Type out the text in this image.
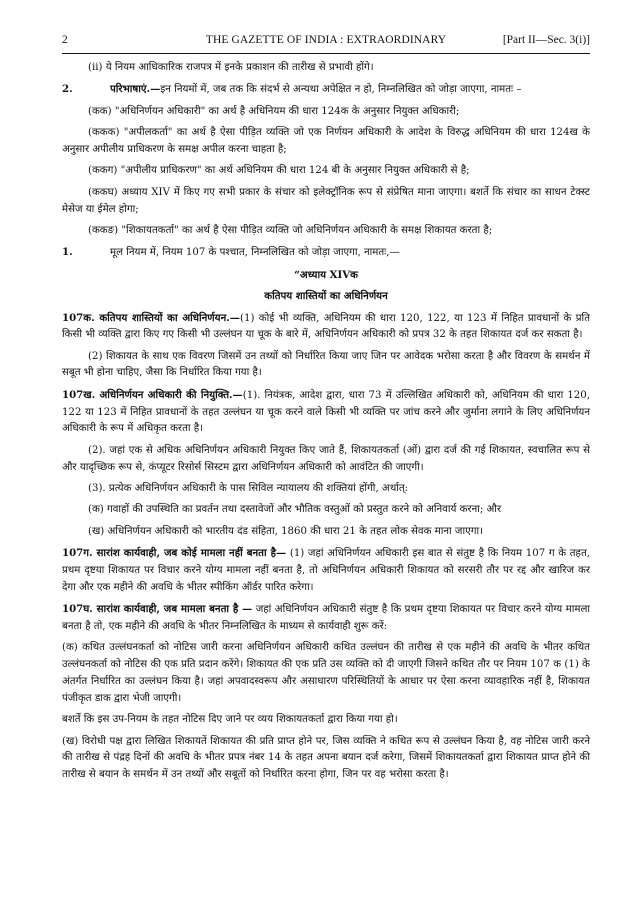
2	THE GAZETTE OF INDIA : EXTRAORDINARY	[Part II—Sec. 3(i)]

(ii) ये नियम आधिकारिक राजपत्र में इनके प्रकाशन की तारीख से प्रभावी होंगे।

2.	परिभाषाएं.—इन नियमों में, जब तक कि संदर्भ से अन्यथा अपेक्षित न हो, निम्नलिखित को जोड़ा जाएगा, नामतः –

(कक) "अधिनिर्णयन अधिकारी" का अर्थ है अधिनियम की धारा 124क के अनुसार नियुक्त अधिकारी;

(ककक) "अपीलकर्ता" का अर्थ है ऐसा पीड़ित व्यक्ति जो एक निर्णयन अधिकारी के आदेश के विरुद्ध अधिनियम की धारा 124ख के अनुसार अपीलीय प्राधिकरण के समक्ष अपील करना चाहता है;

(ककग) "अपीलीय प्राधिकरण" का अर्थ अधिनियम की धारा 124 बी के अनुसार नियुक्त अधिकारी से है;

(ककघ) अध्याय XIV में किए गए सभी प्रकार के संचार को इलेक्ट्रॉनिक रूप से संप्रेषित माना जाएगा। बशर्ते कि संचार का साधन टेक्स्ट मेसेज या ईमेल होगा;

(ककङ) "शिकायतकर्ता" का अर्थ है ऐसा पीड़ित व्यक्ति जो अधिनिर्णयन अधिकारी के समक्ष शिकायत करता है;

1.	मूल नियम में, नियम 107 के पश्चात, निम्नलिखित को जोड़ा जाएगा, नामतः,—

“अध्याय XIVक

कतिपय शास्तियों का अधिनिर्णयन

107क. कतिपय शास्तियों का अधिनिर्णयन.—(1) कोई भी व्यक्ति, अधिनियम की धारा 120, 122, या 123 में निहित प्रावधानों के प्रति किसी भी व्यक्ति द्वारा किए गए किसी भी उल्लंघन या चूक के बारे में, अधिनिर्णयन अधिकारी को प्रपत्र 32 के तहत शिकायत दर्ज कर सकता है।

(2) शिकायत के साथ एक विवरण जिसमें उन तथ्यों को निर्धारित किया जाए जिन पर आवेदक भरोसा करता है और विवरण के समर्थन में सबूत भी होना चाहिए, जैसा कि निर्धारित किया गया है।

107ख. अधिनिर्णयन अधिकारी की नियुक्ति.—(1). नियंत्रक, आदेश द्वारा, धारा 73 में उल्लिखित अधिकारी को, अधिनियम की धारा 120, 122 या 123 में निहित प्रावधानों के तहत उल्लंघन या चूक करने वाले किसी भी व्यक्ति पर जांच करने और जुर्माना लगाने के लिए अधिनिर्णयन अधिकारी के रूप में अधिकृत करता है।

(2). जहां एक से अधिक अधिनिर्णयन अधिकारी नियुक्त किए जाते हैं, शिकायतकर्ता (ओं) द्वारा दर्ज की गई शिकायत, स्वचालित रूप से और यादृच्छिक रूप से, कंप्यूटर रिसोर्स सिस्टम द्वारा अधिनिर्णयन अधिकारी को आवंटित की जाएगी।

(3). प्रत्येक अधिनिर्णयन अधिकारी के पास सिविल न्यायालय की शक्तियां होंगी, अर्थात्:

(क) गवाहों की उपस्थिति का प्रवर्तन तथा दस्तावेजों और भौतिक वस्तुओं को प्रस्तुत करने को अनिवार्य करना; और

(ख) अधिनिर्णयन अधिकारी को भारतीय दंड संहिता, 1860 की धारा 21 के तहत लोक सेवक माना जाएगा।

107ग. सारांश कार्यवाही, जब कोई मामला नहीं बनता है— (1) जहां अधिनिर्णयन अधिकारी इस बात से संतुष्ट है कि नियम 107 ग के तहत, प्रथम दृष्टया शिकायत पर विचार करने योग्य मामला नहीं बनता है, तो अधिनिर्णयन अधिकारी शिकायत को सरसरी तौर पर रद्द और खारिज कर देगा और एक महीने की अवधि के भीतर स्पीकिंग ऑर्डर पारित करेगा।

107घ. सारांश कार्यवाही, जब मामला बनता है — जहां अधिनिर्णयन अधिकारी संतुष्ट है कि प्रथम दृष्टया शिकायत पर विचार करने योग्य मामला बनता है तो, एक महीने की अवधि के भीतर निम्नलिखित के माध्यम से कार्यवाही शुरू करें:

(क) कथित उल्लंघनकर्ता को नोटिस जारी करना अधिनिर्णयन अधिकारी कथित उल्लंघन की तारीख से एक महीने की अवधि के भीतर कथित उल्लंघनकर्ता को नोटिस की एक प्रति प्रदान करेंगे। शिकायत की एक प्रति उस व्यक्ति को दी जाएगी जिसने कथित तौर पर नियम 107 क (1) के अंतर्गत निर्धारित का उल्लंघन किया है। जहां अपवादस्वरूप और असाधारण परिस्थितियों के आधार पर ऐसा करना व्यावहारिक नहीं है, शिकायत पंजीकृत डाक द्वारा भेजी जाएगी।

बशर्ते कि इस उप-नियम के तहत नोटिस दिए जाने पर व्यय शिकायतकर्ता द्वारा किया गया हो।

(ख) विरोधी पक्ष द्वारा लिखित शिकायतें शिकायत की प्रति प्राप्त होने पर, जिस व्यक्ति ने कथित रूप से उल्लंघन किया है, वह नोटिस जारी करने की तारीख से पंद्रह दिनों की अवधि के भीतर प्रपत्र नंबर 14 के तहत अपना बयान दर्ज करेगा, जिसमें शिकायतकर्ता द्वारा शिकायत प्राप्त होने की तारीख से बयान के समर्थन में उन तथ्यों और सबूतों को निर्धारित करना होगा, जिन पर वह भरोसा करता है।
